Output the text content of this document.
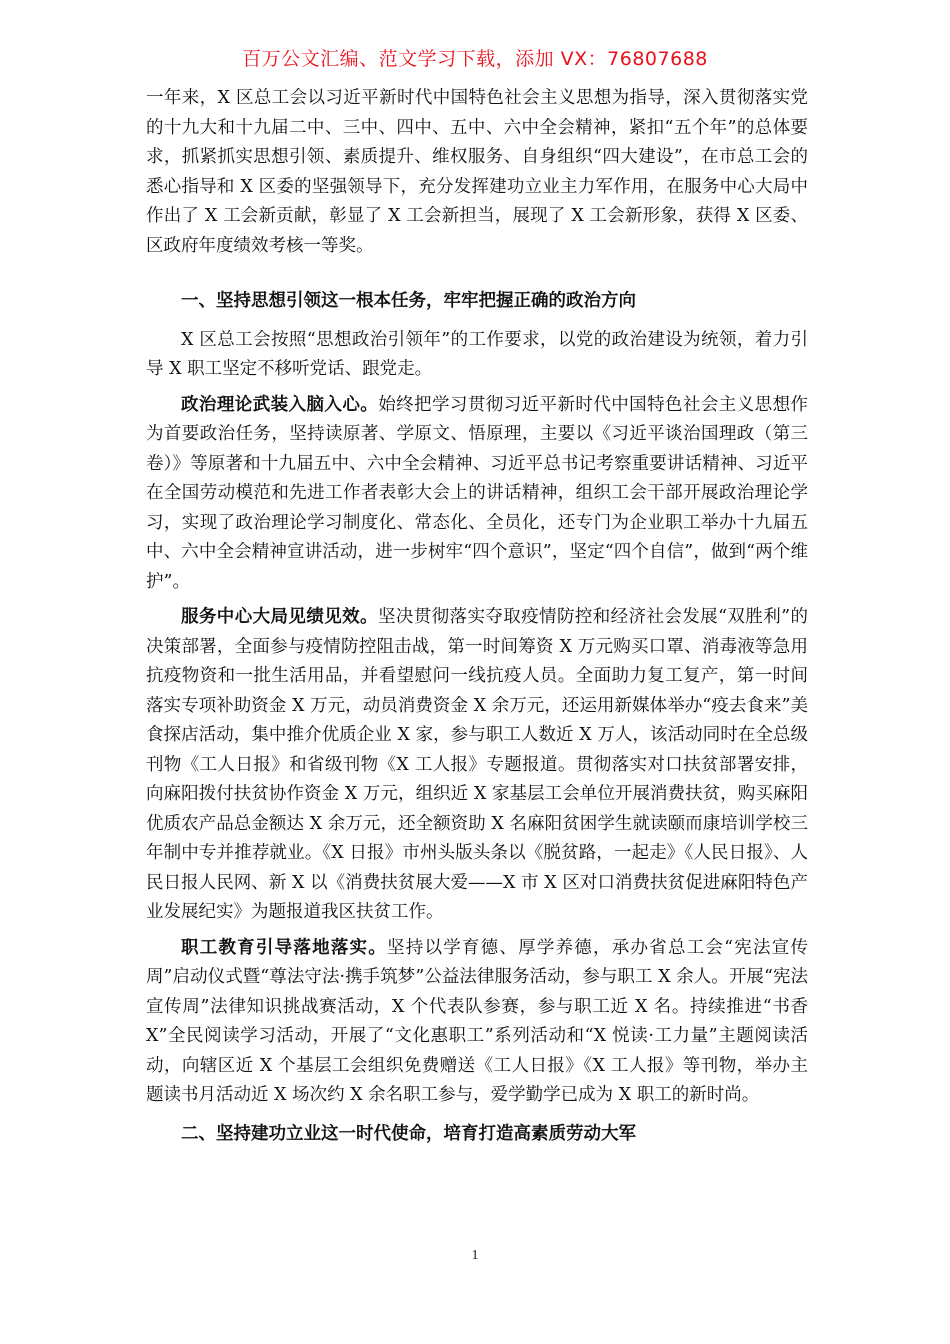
百万公文汇编、范文学习下载，添加 VX：76807688

一年来，X 区总工会以习近平新时代中国特色社会主义思想为指导，深入贯彻落实党的十九大和十九届二中、三中、四中、五中、六中全会精神，紧扣“五个年”的总体要求，抓紧抓实思想引领、素质提升、维权服务、自身组织“四大建设”，在市总工会的悉心指导和 X 区委的坚强领导下，充分发挥建功立业主力军作用，在服务中心大局中作出了 X 工会新贡献，彰显了 X 工会新担当，展现了 X 工会新形象，获得 X 区委、区政府年度绩效考核一等奖。

一、坚持思想引领这一根本任务，牢牢把握正确的政治方向

X 区总工会按照“思想政治引领年”的工作要求，以党的政治建设为统领，着力引导 X 职工坚定不移听党话、跟党走。

政治理论武装入脑入心。始终把学习贯彻习近平新时代中国特色社会主义思想作为首要政治任务，坚持读原著、学原文、悟原理，主要以《习近平谈治国理政（第三卷）》等原著和十九届五中、六中全会精神、习近平总书记考察重要讲话精神、习近平在全国劳动模范和先进工作者表彰大会上的讲话精神，组织工会干部开展政治理论学习，实现了政治理论学习制度化、常态化、全员化，还专门为企业职工举办十九届五中、六中全会精神宣讲活动，进一步树牢“四个意识”，坚定“四个自信”，做到“两个维护”。

服务中心大局见绩见效。坚决贯彻落实夺取疫情防控和经济社会发展“双胜利”的决策部署，全面参与疫情防控阻击战，第一时间筹资 X 万元购买口罩、消毒液等急用抗疫物资和一批生活用品，并看望慰问一线抗疫人员。全面助力复工复产，第一时间落实专项补助资金 X 万元，动员消费资金 X 余万元，还运用新媒体举办“疫去食来”美食探店活动，集中推介优质企业 X 家，参与职工人数近 X 万人，该活动同时在全总级刊物《工人日报》和省级刊物《X 工人报》专题报道。贯彻落实对口扶贫部署安排，向麻阳拨付扶贫协作资金 X 万元，组织近 X 家基层工会单位开展消费扶贫，购买麻阳优质农产品总金额达 X 余万元，还全额资助 X 名麻阳贫困学生就读颐而康培训学校三年制中专并推荐就业。《X 日报》市州头版头条以《脱贫路，一起走》《人民日报》、人民日报人民网、新 X 以《消费扶贫展大爱——X 市 X 区对口消费扶贫促进麻阳特色产业发展纪实》为题报道我区扶贫工作。

职工教育引导落地落实。坚持以学育德、厚学养德，承办省总工会“宪法宣传周”启动仪式暨“尊法守法·携手筑梦”公益法律服务活动，参与职工 X 余人。开展“宪法宣传周”法律知识挑战赛活动，X 个代表队参赛，参与职工近 X 名。持续推进“书香 X”全民阅读学习活动，开展了“文化惠职工”系列活动和“X 悦读·工力量”主题阅读活动，向辖区近 X 个基层工会组织免费赠送《工人日报》《X 工人报》等刊物，举办主题读书月活动近 X 场次约 X 余名职工参与，爱学勤学已成为 X 职工的新时尚。

二、坚持建功立业这一时代使命，培育打造高素质劳动大军
1
